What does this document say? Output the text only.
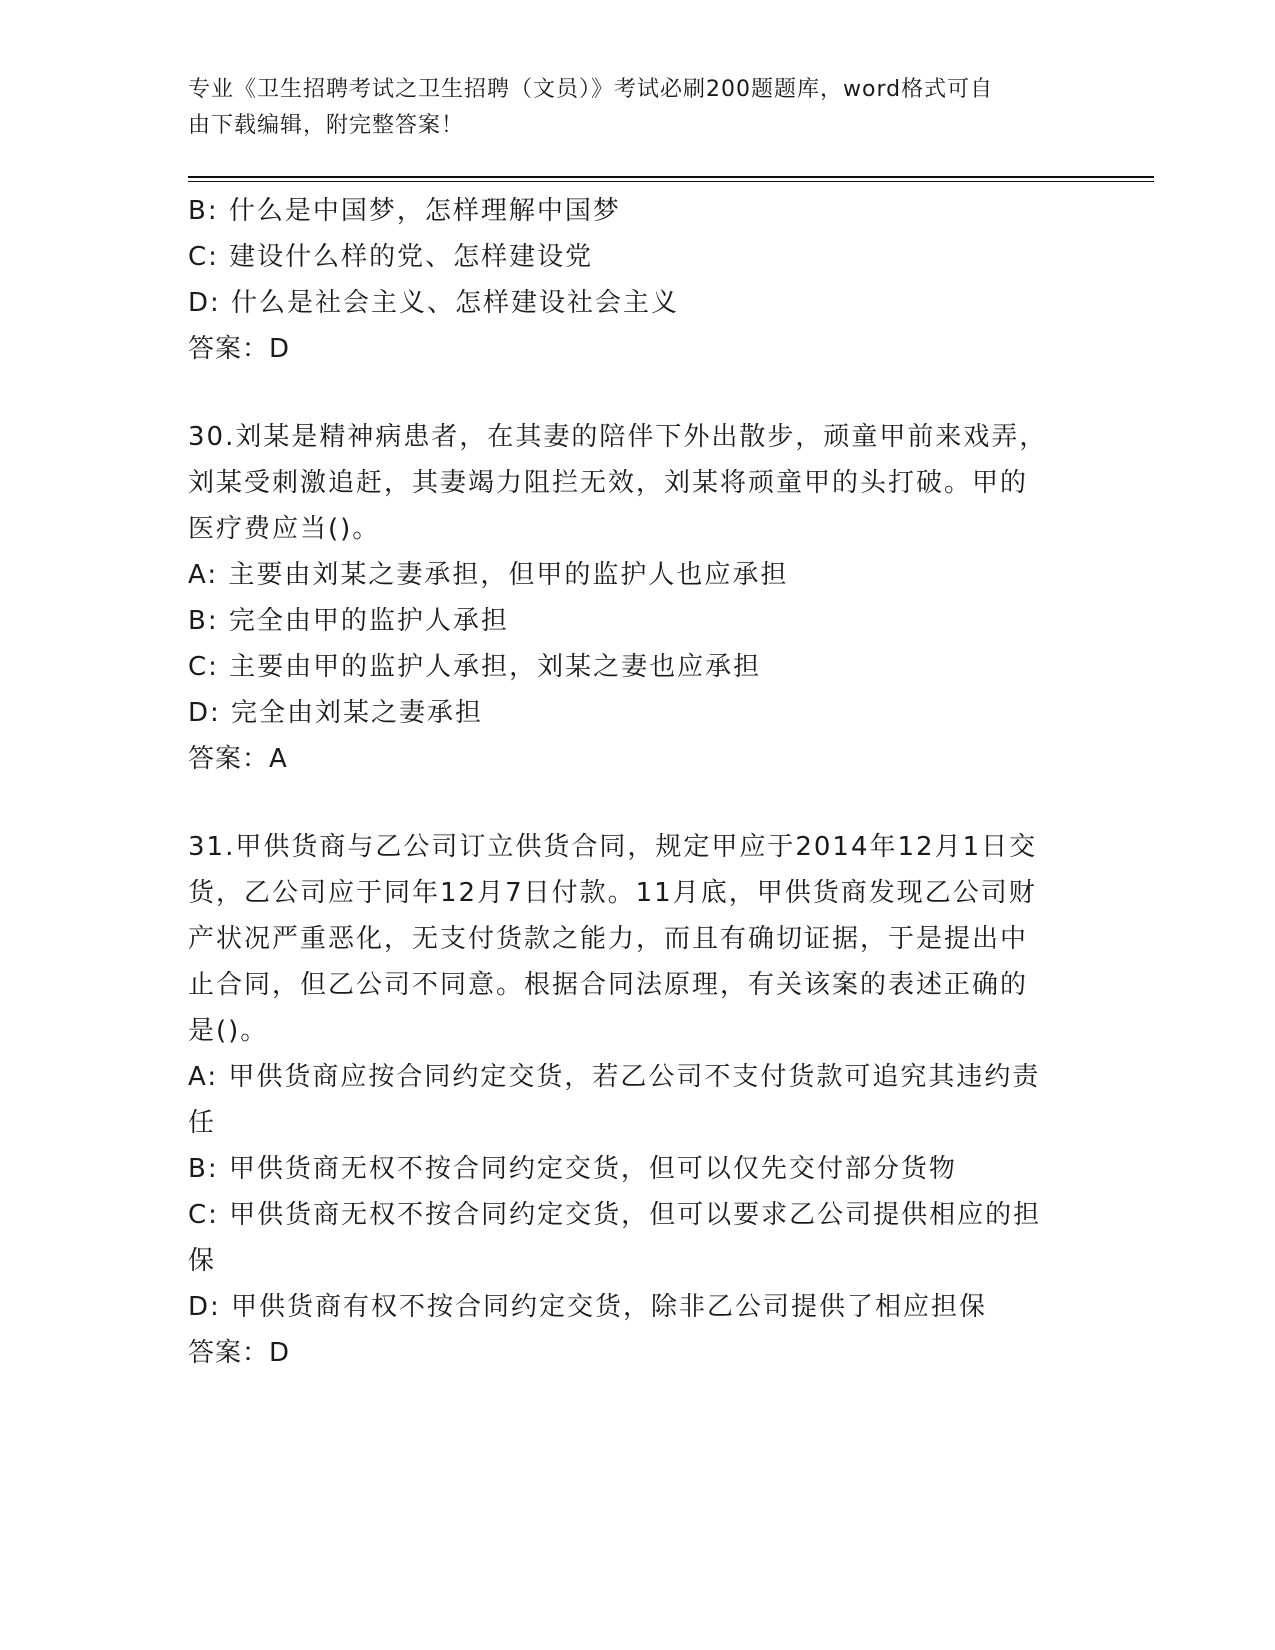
专业《卫生招聘考试之卫生招聘（文员）》考试必刷200题题库，word格式可自
由下载编辑，附完整答案！
B: 什么是中国梦，怎样理解中国梦
C: 建设什么样的党、怎样建设党
D: 什么是社会主义、怎样建设社会主义
答案：D
30.刘某是精神病患者，在其妻的陪伴下外出散步，顽童甲前来戏弄，
刘某受刺激追赶，其妻竭力阻拦无效，刘某将顽童甲的头打破。甲的
医疗费应当()。
A: 主要由刘某之妻承担，但甲的监护人也应承担
B: 完全由甲的监护人承担
C: 主要由甲的监护人承担，刘某之妻也应承担
D: 完全由刘某之妻承担
答案：A
31.甲供货商与乙公司订立供货合同，规定甲应于2014年12月1日交
货，乙公司应于同年12月7日付款。11月底，甲供货商发现乙公司财
产状况严重恶化，无支付货款之能力，而且有确切证据，于是提出中
止合同，但乙公司不同意。根据合同法原理，有关该案的表述正确的
是()。
A: 甲供货商应按合同约定交货，若乙公司不支付货款可追究其违约责
任
B: 甲供货商无权不按合同约定交货，但可以仅先交付部分货物
C: 甲供货商无权不按合同约定交货，但可以要求乙公司提供相应的担
保
D: 甲供货商有权不按合同约定交货，除非乙公司提供了相应担保
答案：D
